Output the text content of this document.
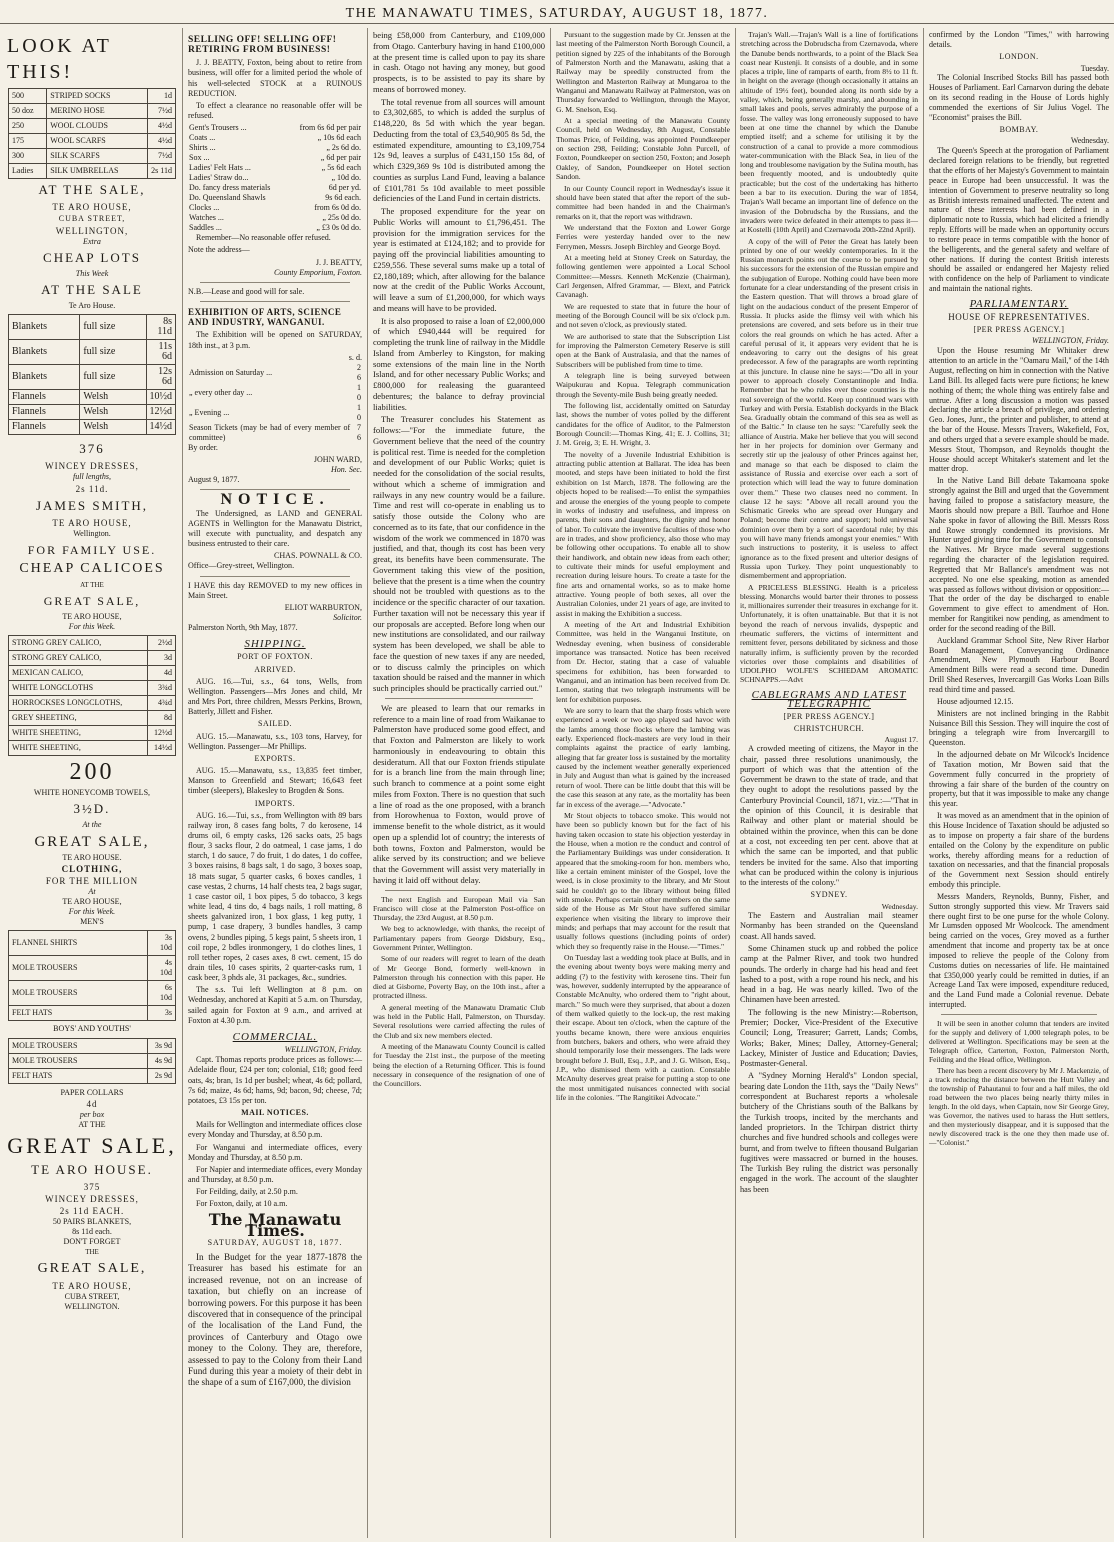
THE MANAWATU TIMES, SATURDAY, AUGUST 18, 1877.
LOOK AT THIS!
500	STRIPED SOCKS	1d
50 doz	MERINO HOSE	7½d
250	WOOL CLOUDS	4½d
175	WOOL SCARFS	4½d
300	SILK SCARFS	7½d
Ladies	SILK UMBRELLAS	2s 11d
AT THE SALE,
TE ARO HOUSE,
CUBA STREET,
WELLINGTON,
Extra
CHEAP LOTS
This Week
AT THE SALE
Te Aro House.
Blankets	full size	8s 11d
Blankets	full size	11s 6d
Blankets	full size	12s 6d
Flannels	Welsh	10½d
Flannels	Welsh	12½d
Flannels	Welsh	14½d
376
WINCEY DRESSES,
full lengths,
2s 11d.
JAMES SMITH,
TE ARO HOUSE,
Wellington.
FOR FAMILY USE.
CHEAP CALICOES
AT THE
GREAT SALE,
TE ARO HOUSE,
For this Week.
STRONG GREY CALICO,	2½d
STRONG GREY CALICO,	3d
MEXICAN CALICO,	4d
WHITE LONGCLOTHS	3¾d
HORROCKSES LONGCLOTHS,	4¾d
GREY SHEETING,	8d
WHITE SHEETING,	12½d
WHITE SHEETING,	14½d
200
WHITE HONEYCOMB TOWELS,
3½D.
At the
GREAT SALE,
TE ARO HOUSE.
CLOTHING,
FOR THE MILLION
At
TE ARO HOUSE,
For this Week.
MEN'S
FLANNEL SHIRTS	3s 10d
MOLE TROUSERS	4s 10d
MOLE TROUSERS	6s 10d
FELT HATS	3s
BOYS' AND YOUTHS'
MOLE TROUSERS	3s 9d
MOLE TROUSERS	4s 9d
FELT HATS	2s 9d
PAPER COLLARS
4d
per box
AT THE
GREAT SALE,
TE ARO HOUSE.
375
WINCEY DRESSES,
2s 11d EACH.
50 PAIRS BLANKETS,
8s 11d each.
DON'T FORGET
THE
GREAT SALE,
TE ARO HOUSE,
CUBA STREET,
WELLINGTON.
SELLING OFF! SELLING OFF! RETIRING FROM BUSINESS!

J. J. BEATTY, Foxton, being about to retire from business, will offer for a limited period the whole of his well-selected STOCK at a RUINOUS REDUCTION.

To effect a clearance no reasonable offer will be refused.

Gent's Trousers ...	from 6s 6d per pair
Coats ...	„ 10s 6d each
Shirts ...	„ 2s 6d do.
Sox ...	„ 6d per pair
Ladies' Felt Hats ...	„ 5s 6d each
Ladies' Straw do...	„ 10d do.
Do. fancy dress materials	6d per yd.
Do. Queensland Shawls	9s 6d each.
Clocks ...	from 6s 0d do.
Watches ...	„ 25s 0d do.
Saddles ...	„ £3 0s 0d do.

Remember—No reasonable offer refused.

Note the address—

J. J. BEATTY,
County Emporium, Foxton.

N.B.—Lease and good will for sale.

EXHIBITION OF ARTS, SCIENCE AND INDUSTRY, WANGANUI.

The Exhibition will be opened on SATURDAY, 18th inst., at 3 p.m.

s. d.
Admission on Saturday ...	2 6
„ every other day ...	1 0
„ Evening ...	1 0
Season Tickets (may be had of every member of committee)	7 6

By order.

JOHN WARD,
Hon. Sec.

August 9, 1877.

NOTICE.

The Undersigned, as LAND and GENERAL AGENTS in Wellington for the Manawatu District, will execute with punctuality, and despatch any business entrusted to their care.

CHAS. POWNALL & CO.

Office—Grey-street, Wellington.

I HAVE this day REMOVED to my new offices in Main Street.

ELIOT WARBURTON,
Solicitor.

Palmerston North, 9th May, 1877.

SHIPPING.
PORT OF FOXTON.
ARRIVED.

AUG. 16.—Tui, s.s., 64 tons, Wells, from Wellington. Passengers—Mrs Jones and child, Mr and Mrs Port, three children, Messrs Perkins, Brown, Batterly, Jillett and Fisher.

SAILED.

AUG. 15.—Manawatu, s.s., 103 tons, Harvey, for Wellington. Passenger—Mr Phillips.

EXPORTS.

AUG. 15.—Manawatu, s.s., 13,835 feet timber, Manson to Greenfield and Stewart; 16,643 feet timber (sleepers), Blakesley to Brogden & Sons.

IMPORTS.

AUG. 16.—Tui, s.s., from Wellington with 89 bars railway iron, 8 cases fang bolts, 7 do kerosene, 14 drums oil, 6 empty casks, 126 sacks oats, 25 bags flour, 3 sacks flour, 2 do oatmeal, 1 case jams, 1 do starch, 1 do sauce, 7 do fruit, 1 do dates, 1 do coffee, 3 boxes raisins, 8 bags salt, 1 do sago, 3 boxes soap, 18 mats sugar, 5 quarter casks, 6 boxes candles, 1 case vestas, 2 churns, 14 half chests tea, 2 bags sugar, 1 case castor oil, 1 box pipes, 5 do tobacco, 3 kegs white lead, 4 tins do, 4 bags nails, 1 roll matting, 8 sheets galvanized iron, 1 box glass, 1 keg putty, 1 pump, 1 case drapery, 3 bundles handles, 3 camp ovens, 2 bundles piping, 5 kegs paint, 5 sheets iron, 1 coil rope, 2 bdles ironmongery, 1 do clothes lines, 1 roll tether ropes, 2 cases axes, 8 cwt. cement, 15 do drain tiles, 10 cases spirits, 2 quarter-casks rum, 1 cask beer, 3 phds ale, 31 packages, &c., sundries.

The s.s. Tui left Wellington at 8 p.m. on Wednesday, anchored at Kapiti at 5 a.m. on Thursday, sailed again for Foxton at 9 a.m., and arrived at Foxton at 4.30 p.m.

COMMERCIAL.
WELLINGTON, Friday.

Capt. Thomas reports produce prices as follows:—Adelaide flour, £24 per ton; colonial, £18; good feed oats, 4s; bran, 1s 1d per bushel; wheat, 4s 6d; pollard, 7s 6d; maize, 4s 6d; hams, 9d; bacon, 9d; cheese, 7d; potatoes, £3 15s per ton.

MAIL NOTICES.

Mails for Wellington and intermediate offices close every Monday and Thursday, at 8.50 p.m.

For Wanganui and intermediate offices, every Monday and Thursday, at 8.50 p.m.

For Napier and intermediate offices, every Monday and Thursday, at 8.50 p.m.

For Feilding, daily, at 2.50 p.m.

For Foxton, daily, at 10 a.m.

The Manawatu Times.
SATURDAY, AUGUST 18, 1877.

In the Budget for the year 1877-1878 the Treasurer has based his estimate for an increased revenue, not on an increase of taxation, but chiefly on an increase of borrowing powers. For this purpose it has been discovered that in consequence of the principal of the localisation of the Land Fund, the provinces of Canterbury and Otago owe money to the Colony. They are, therefore, assessed to pay to the Colony from their Land Fund during this year a moiety of their debt in the shape of a sum of £167,000, the division

being £58,000 from Canterbury, and £109,000 from Otago. Canterbury having in hand £100,000 at the present time is called upon to pay its share in cash. Otago not having any money, but good prospects, is to be assisted to pay its share by means of borrowed money.

The total revenue from all sources will amount to £3,302,685, to which is added the surplus of £148,220, 8s 5d with which the year began. Deducting from the total of £3,540,905 8s 5d, the estimated expenditure, amounting to £3,109,754 12s 9d, leaves a surplus of £431,150 15s 8d, of which £329,369 9s 10d is distributed among the counties as surplus Land Fund, leaving a balance of £101,781 5s 10d available to meet possible deficiencies of the Land Fund in certain districts.

The proposed expenditure for the year on Public Works will amount to £1,796,451. The provision for the immigration services for the year is estimated at £124,182; and to provide for paying off the provincial liabilities amounting to £259,556. These several sums make up a total of £2,180,189; which, after allowing for the balance now at the credit of the Public Works Account, will leave a sum of £1,200,000, for which ways and means will have to be provided.

It is also proposed to raise a loan of £2,000,000 of which £940,444 will be required for completing the trunk line of railway in the Middle Island from Amberley to Kingston, for making some extensions of the main line in the North Island, and for other necessary Public Works; and £800,000 for realeasing the guaranteed debentures; the balance to defray provincial liabilities.

The Treasurer concludes his Statement as follows:—"For the immediate future, the Government believe that the need of the country is political rest. Time is needed for the completion and development of our Public Works; quiet is needed for the consolidation of the social results, without which a scheme of immigration and railways in any new country would be a failure. Time and rest will co-operate in enabling us to satisfy those outside the Colony who are concerned as to its fate, that our confidence in the wisdom of the work we commenced in 1870 was justified, and that, though its cost has been very great, its benefits have been commensurate. The Government taking this view of the position, believe that the present is a time when the country should not be troubled with questions as to the incidence or the specific character of our taxation. Further taxation will not be necessary this year if our proposals are accepted. Before long when our new institutions are consolidated, and our railway system has been developed, we shall be able to face the question of new taxes if any are needed, or to discuss calmly the principles on which taxation should be raised and the manner in which such principles should be practically carried out."

We are pleased to learn that our remarks in reference to a main line of road from Waikanae to Palmerston have produced some good effect, and that Foxton and Palmerston are likely to work harmoniously in endeavouring to obtain this desideratum. All that our Foxton friends stipulate for is a branch line from the main through line; such branch to commence at a point some eight miles from Foxton. There is no question that such a line of road as the one proposed, with a branch from Horowhenua to Foxton, would prove of immense benefit to the whole district, as it would open up a splendid lot of country; the interests of both towns, Foxton and Palmerston, would be alike served by its construction; and we believe that the Government will assist very materially in having it laid off without delay.

The next English and European Mail via San Francisco will close at the Palmerston Post-office on Thursday, the 23rd August, at 8.50 p.m.

We beg to acknowledge, with thanks, the receipt of Parliamentary papers from George Didsbury, Esq., Government Printer, Wellington.

Some of our readers will regret to learn of the death of Mr George Bond, formerly well-known in Palmerston through his connection with this paper. He died at Gisborne, Poverty Bay, on the 10th inst., after a protracted illness.

A general meeting of the Manawatu Dramatic Club was held in the Public Hall, Palmerston, on Thursday. Several resolutions were carried affecting the rules of the Club and six new members elected.

A meeting of the Manawatu County Council is called for Tuesday the 21st inst., the purpose of the meeting being the election of a Returning Officer. This is found necessary in consequence of the resignation of one of the Councillors.

Pursuant to the suggestion made by Cr. Jenssen at the last meeting of the Palmerston North Borough Council, a petition signed by 225 of the inhabitants of the Borough of Palmerston North and the Manawatu, asking that a Railway may be speedily constructed from the Wellington and Masterton Railway at Mungaroa to the Wanganui and Manawatu Railway at Palmerston, was on Thursday forwarded to Wellington, through the Mayor, G. M. Snelson, Esq.

At a special meeting of the Manawatu County Council, held on Wednesday, 8th August, Constable Thomas Price, of Feilding, was appointed Poundkeeper on section 298, Feilding; Constable John Purcell, of Foxton, Poundkeeper on section 250, Foxton; and Joseph Oakley, of Sandon, Poundkeeper on Hotel section Sandon.

In our County Council report in Wednesday's issue it should have been stated that after the report of the sub-committee had been handed in and the Chairman's remarks on it, that the report was withdrawn.

We understand that the Foxton and Lower Gorge Ferries were yesterday handed over to the new Ferrymen, Messrs. Joseph Birchley and George Boyd.

At a meeting held at Stoney Creek on Saturday, the following gentlemen were appointed a Local School Committee:—Messrs. Kenneth McKenzie (Chairman), Carl Jergensen, Alfred Grammar, — Blext, and Patrick Cavanagh.

We are requested to state that in future the hour of meeting of the Borough Council will be six o'clock p.m. and not seven o'clock, as previously stated.

We are authorised to state that the Subscription List for improving the Palmerston Cemetery Reserve is still open at the Bank of Australasia, and that the names of Subscribers will be published from time to time.

A telegraph line is being surveyed between Waipukurau and Kopua. Telegraph communication through the Seventy-mile Bush being greatly needed.

The following list, accidentally omitted on Saturday last, shows the number of votes polled by the different candidates for the office of Auditor, to the Palmerston Borough Council:—Thomas King, 41; E. J. Collins, 31; J. M. Greig, 3; E. H. Wright, 3.

The novelty of a Juvenile Industrial Exhibition is attracting public attention at Ballarat. The idea has been mooted, and steps have been initiated to hold the first exhibition on 1st March, 1878. The following are the objects hoped to be realised:—To enlist the sympathies and arouse the energies of the young people to compete in works of industry and usefulness, and impress on parents, their sons and daughters, the dignity and honor of labor. To cultivate the inventive faculties of those who are in trades, and show proficiency, also those who may be following other occupations. To enable all to show their handiwork, and obtain new ideas from each other; to cultivate their minds for useful employment and recreation during leisure hours. To create a taste for the fine arts and ornamental works, so as to make home attractive. Young people of both sexes, all over the Australian Colonies, under 21 years of age, are invited to assist in making the Exhibition a success.

A meeting of the Art and Industrial Exhibition Committee, was held in the Wanganui Institute, on Wednesday evening, when business of considerable importance was transacted. Notice has been received from Dr. Hector, stating that a case of valuable specimens for exhibition, has been forwarded to Wanganui, and an intimation has been received from Dr. Lemon, stating that two telegraph instruments will be lent for exhibition purposes.

We are sorry to learn that the sharp frosts which were experienced a week or two ago played sad havoc with the lambs among those flocks where the lambing was early. Experienced flock-masters are very loud in their complaints against the practice of early lambing, alleging that far greater loss is sustained by the mortality caused by the inclement weather generally experienced in July and August than what is gained by the increased return of wool. There can be little doubt that this will be the case this season at any rate, as the mortality has been far in excess of the average.—"Advocate."

Mr Stout objects to tobacco smoke. This would not have been so publicly known but for the fact of his having taken occasion to state his objection yesterday in the House, when a motion re the conduct and control of the Parliamentary Buildings was under consideration. It appeared that the smoking-room for hon. members who, like a certain eminent minister of the Gospel, love the weed, is in close proximity to the library, and Mr Stout said he couldn't go to the library without being filled with smoke. Perhaps certain other members on the same side of the House as Mr Stout have suffered similar experience when visiting the library to improve their minds; and perhaps that may account for the result that usually follows questions (including points of order) which they so frequently raise in the House.—"Times."

On Tuesday last a wedding took place at Bulls, and in the evening about twenty boys were making merry and adding (?) to the festivity with kerosene tins. Their fun was, however, suddenly interrupted by the appearance of Constable McAnulty, who ordered them to "right about, march." So much were they surprised, that about a dozen of them walked quietly to the lock-up, the rest making their escape. About ten o'clock, when the capture of the youths became known, there were anxious enquiries from butchers, bakers and others, who were afraid they should temporarily lose their messengers. The lads were brought before J. Bull, Esq., J.P., and J. G. Wilson, Esq., J.P., who dismissed them with a caution. Constable McAnulty deserves great praise for putting a stop to one the most unmitigated nuisances connected with social life in the colonies. "The Rangitikei Advocate."

Trajan's Wall.—Trajan's Wall is a line of fortifications stretching across the Dobrudscha from Czernavoda, where the Danube bends northwards, to a point of the Black Sea coast near Kustenji. It consists of a double, and in some places a triple, line of ramparts of earth, from 8½ to 11 ft. in height on the average (though occasionally it attains an altitude of 19½ feet), bounded along its north side by a valley, which, being generally marshy, and abounding in small lakes and pools, serves admirably the purpose of a fosse. The valley was long erroneously supposed to have been at one time the channel by which the Danube emptied itself; and a scheme for utilising it by the construction of a canal to provide a more commodious water-communication with the Black Sea, in lieu of the long and troublesome navigation by the Sulina mouth, has been frequently mooted, and is undoubtedly quite practicable; but the cost of the undertaking has hitherto been a bar to its execution. During the war of 1854, Trajan's Wall became an important line of defence on the invasion of the Dobrudscha by the Russians, and the invaders were twice defeated in their attempts to pass it—at Kostelli (10th April) and Czernavoda 20th-22nd April).

A copy of the will of Peter the Great has lately been printed by one of our weekly contemporaries. In it the Russian monarch points out the course to be pursued by his successors for the extension of the Russian empire and the subjugation of Europe. Nothing could have been more fortunate for a clear understanding of the present crisis in the Eastern question. That will throws a broad glare of light on the audacious conduct of the present Emperor of Russia. It plucks aside the flimsy veil with which his pretensions are covered, and sets before us in their true colors the real grounds on which he has acted. After a careful perusal of it, it appears very evident that he is endeavoring to carry out the designs of his great predecessor. A few of the paragraphs are worth reprinting at this juncture. In clause nine he says:—"Do all in your power to approach closely Constantinople and India. Remember that he who rules over those countries is the real sovereign of the world. Keep up continued wars with Turkey and with Persia. Establish dockyards in the Black Sea. Gradually obtain the command of this sea as well as of the Baltic." In clause ten he says: "Carefully seek the alliance of Austria. Make her believe that you will second her in her projects for dominion over Germany and secretly stir up the jealousy of other Princes against her, and manage so that each be disposed to claim the assistance of Russia and exercise over each a sort of protection which will lead the way to future domination over them." These two clauses need no comment. In clause 12 he says: "Above all recall around you the Schismatic Greeks who are spread over Hungary and Poland; become their centre and support; hold universal dominion over them by a sort of sacerdotal rule; by this you will have many friends amongst your enemies." With such instructions to posterity, it is useless to affect ignorance as to the fixed present and ulterior designs of Russia upon Turkey. They point unquestionably to dismemberment and appropriation.

A PRICELESS BLESSING. Health is a priceless blessing. Monarchs would barter their thrones to possess it, millionaires surrender their treasures in exchange for it. Unfortunately, it is often unattainable. But that it is not beyond the reach of nervous invalids, dyspeptic and rheumatic sufferers, the victims of intermittent and remittent fever, persons debilitated by sickness and those naturally infirm, is sufficiently proven by the recorded victories over those complaints and disabilities of UDOLPHO WOLFE'S SCHIEDAM AROMATIC SCHNAPPS.—Advt

CABLEGRAMS AND LATEST TELEGRAPHIC
[PER PRESS AGENCY.]
CHRISTCHURCH.
August 17.

A crowded meeting of citizens, the Mayor in the chair, passed three resolutions unanimously, the purport of which was that the attention of the Government be drawn to the state of trade, and that they ought to adopt the resolutions passed by the Canterbury Provincial Council, 1871, viz.:—"That in the opinion of this Council, it is desirable that Railway and other plant or material should be obtained within the province, when this can be done at a cost, not exceeding ten per cent. above that at which the same can be imported, and that public tenders be invited for the same. Also that importing what can be produced within the colony is injurious to the interests of the colony."

SYDNEY.
Wednesday.

The Eastern and Australian mail steamer Normanby has been stranded on the Queensland coast. All hands saved.

Some Chinamen stuck up and robbed the police camp at the Palmer River, and took two hundred pounds. The orderly in charge had his head and feet lashed to a post, with a rope round his neck, and his head in a bag. He was nearly killed. Two of the Chinamen have been arrested.

The following is the new Ministry:—Robertson, Premier; Docker, Vice-President of the Executive Council; Long, Treasurer; Garrett, Lands; Combs, Works; Baker, Mines; Dalley, Attorney-General; Lackey, Minister of Justice and Education; Davies, Postmaster-General.

A "Sydney Morning Herald's" London special, bearing date London the 11th, says the "Daily News" correspondent at Bucharest reports a wholesale butchery of the Christians south of the Balkans by the Turkish troops, incited by the merchants and landed proprietors. In the Tchirpan district thirty churches and five hundred schools and colleges were burnt, and from twelve to fifteen thousand Bulgarian fugitives were massacred or burned in the houses. The Turkish Bey ruling the district was personally engaged in the work. The account of the slaughter has been

confirmed by the London "Times," with harrowing details.

LONDON.
Tuesday.

The Colonial Inscribed Stocks Bill has passed both Houses of Parliament. Earl Carnarvon during the debate on its second reading in the House of Lords highly commended the exertions of Sir Julius Vogel. The "Economist" praises the Bill.

BOMBAY.
Wednesday.

The Queen's Speech at the prorogation of Parliament declared foreign relations to be friendly, but regretted that the efforts of her Majesty's Government to maintain peace in Europe had been unsuccessful. It was the intention of Government to preserve neutrality so long as British interests remained unaffected. The extent and nature of these interests had been defined in a diplomatic note to Russia, which had elicited a friendly reply. Efforts will be made when an opportunity occurs to restore peace in terms compatible with the honor of the belligerents, and the general safety and welfare of other nations. If during the contest British interests should be assailed or endangered her Majesty relied with confidence on the help of Parliament to vindicate and maintain the national rights.

PARLIAMENTARY.
HOUSE OF REPRESENTATIVES.
[PER PRESS AGENCY.]
WELLINGTON, Friday.

Upon the House resuming Mr Whitaker drew attention to an article in the "Oamaru Mail," of the 14th August, reflecting on him in connection with the Native Land Bill. Its alleged facts were pure fictions; he knew nothing of them; the whole thing was entirely false and untrue. After a long discussion a motion was passed declaring the article a breach of privilege, and ordering Geo. Jones, Junr., the printer and publisher, to attend at the bar of the House. Messrs Travers, Wakefield, Fox, and others urged that a severe example should be made. Messrs Stout, Thompson, and Reynolds thought the House should accept Whitaker's statement and let the matter drop.

In the Native Land Bill debate Takamoana spoke strongly against the Bill and urged that the Government having failed to propose a satisfactory measure, the Maoris should now prepare a Bill. Taurhoe and Hone Nahe spoke in favor of allowing the Bill. Messrs Ross and Rowe strongly condemned its provisions. Mr Hunter urged giving time for the Government to consult the Natives. Mr Bryce made several suggestions regarding the character of the legislation required. Regretted that Mr Ballance's amendment was not accepted. No one else speaking, motion as amended was passed as follows without division or opposition:—That the order of the day be discharged to enable Government to give effect to amendment of Hon. member for Rangitikei now pending, as amendment to order for the second reading of the Bill.

Auckland Grammar School Site, New River Harbor Board Management, Conveyancing Ordinance Amendment, New Plymouth Harbour Board Amendment Bills were read a second time. Dunedin Drill Shed Reserves, Invercargill Gas Works Loan Bills read third time and passed.

House adjourned 12.15.

Ministers are not inclined bringing in the Rabbit Nuisance Bill this Session. They will inquire the cost of bringing a telegraph wire from Invercargill to Queenston.

In the adjourned debate on Mr Wilcock's Incidence of Taxation motion, Mr Bowen said that the Government fully concurred in the propriety of throwing a fair share of the burden of the country on property, but that it was impossible to make any change this year.

It was moved as an amendment that in the opinion of this House Incidence of Taxation should be adjusted so as to impose on property a fair share of the burdens entailed on the Colony by the expenditure on public works, thereby affording means for a reduction of taxation on necessaries, and that the financial proposals of the Government next Session should entirely embody this principle.

Messrs Manders, Reynolds, Bunny, Fisher, and Sutton strongly supported this view. Mr Travers said there ought first to be one purse for the whole Colony. Mr Lumsden opposed Mr Woolcock. The amendment being carried on the voces, Grey moved as a further amendment that income and property tax be at once imposed to relieve the people of the Colony from Customs duties on necessaries of life. He maintained that £350,000 yearly could be remitted in duties, if an Acreage Land Tax were imposed, expenditure reduced, and the Land Fund made a Colonial revenue. Debate interrupted.

It will be seen in another column that tenders are invited for the supply and delivery of 1,000 telegraph poles, to be delivered at Wellington. Specifications may be seen at the Telegraph office, Carterton, Foxton, Palmerston North, Feilding and the Head office, Wellington.

There has been a recent discovery by Mr J. Mackenzie, of a track reducing the distance between the Hutt Valley and the township of Pahautanui to four and a half miles, the old road between the two places being nearly thirty miles in length. In the old days, when Captain, now Sir George Grey, was Governor, the natives used to harass the Hutt settlers, and then mysteriously disappear, and it is supposed that the newly discovered track is the one they then made use of.—"Colonist."
